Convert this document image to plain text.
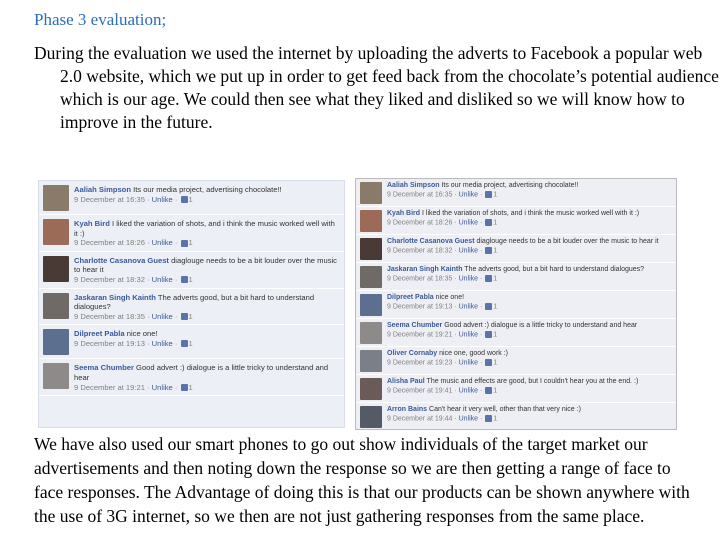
Phase 3 evaluation;
During the evaluation we used the internet by uploading the adverts to Facebook a popular web 2.0 website, which we put up in order to get feed back from the chocolate’s potential audience which is our age. We could then see what they liked and disliked so we will know how to improve in the future.
Aaliah Simpson Its our media project, advertising chocolate!!
9 December at 16:35 · Unlike · 1
Kyah Bird I liked the variation of shots, and i think the music worked well with it :)
9 December at 18:26 · Unlike · 1
Charlotte Casanova Guest diaglouge needs to be a bit louder over the music to hear it
9 December at 18:32 · Unlike · 1
Jaskaran Singh Kainth The adverts good, but a bit hard to understand dialogues?
9 December at 18:35 · Unlike · 1
Dilpreet Pabla nice one!
9 December at 19:13 · Unlike · 1
Seema Chumber Good advert :) dialogue is a little tricky to understand and hear
9 December at 19:21 · Unlike · 1
Aaliah Simpson Its our media project, advertising chocolate!!
9 December at 16:35 · Unlike · 1
Kyah Bird I liked the variation of shots, and i think the music worked well with it :)
9 December at 18:26 · Unlike · 1
Charlotte Casanova Guest diaglouge needs to be a bit louder over the music to hear it
9 December at 18:32 · Unlike · 1
Jaskaran Singh Kainth The adverts good, but a bit hard to understand dialogues?
9 December at 18:35 · Unlike · 1
Dilpreet Pabla nice one!
9 December at 19:13 · Unlike · 1
Seema Chumber Good advert :) dialogue is a little tricky to understand and hear
9 December at 19:21 · Unlike · 1
Oliver Cornaby nice one, good work :)
9 December at 19:23 · Unlike · 1
Alisha Paul The music and effects are good, but I couldn't hear you at the end. :)
9 December at 19:41 · Unlike · 1
Arron Bains Can't hear it very well, other than that very nice :)
9 December at 19:44 · Unlike · 1
We have also used our smart phones to go out show individuals of the target market our advertisements and then noting down the response so we are then getting a range of face to face responses. The Advantage of doing this is that our products can be shown anywhere with the use of 3G internet, so we then are not just gathering responses from the same place.
